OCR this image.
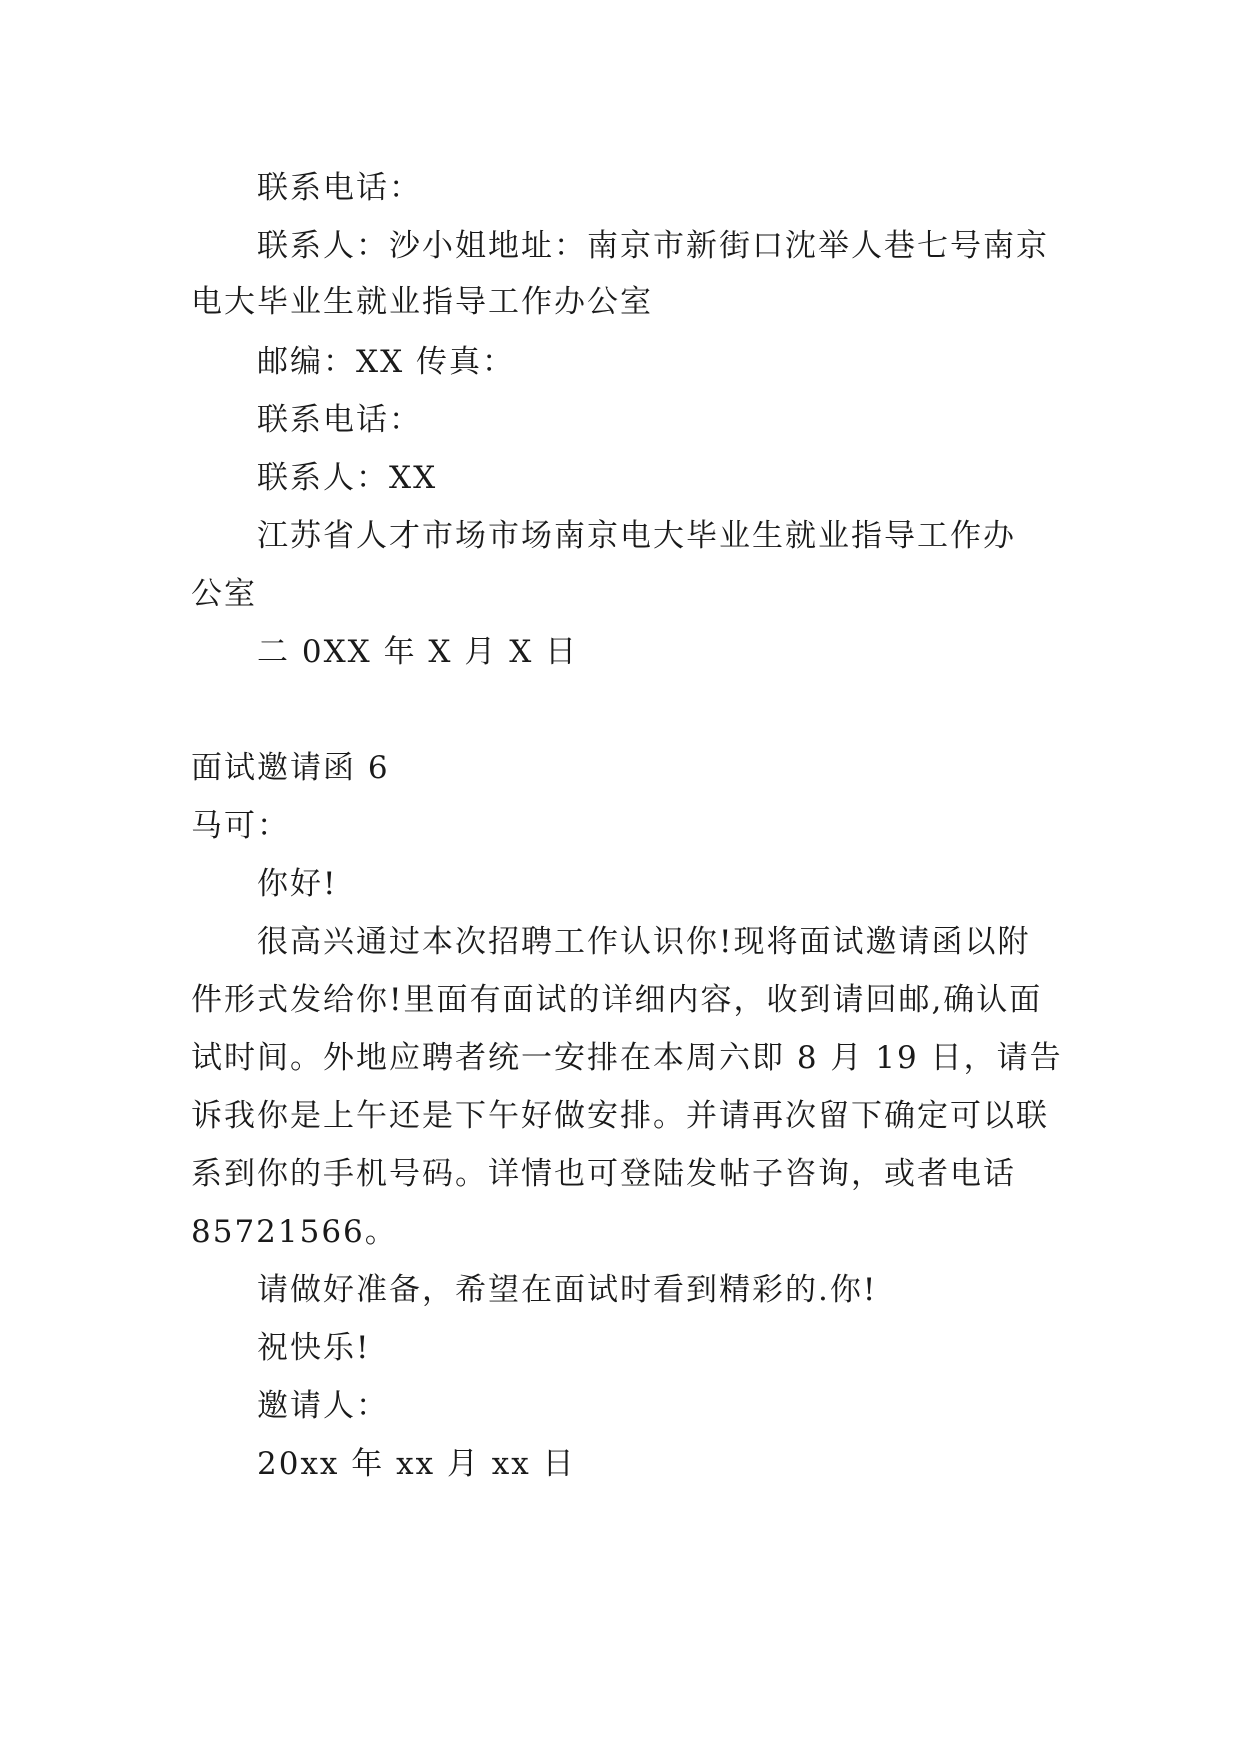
联系电话：
联系人：沙小姐地址：南京市新街口沈举人巷七号南京
电大毕业生就业指导工作办公室
邮编：XX 传真：
联系电话：
联系人：XX
江苏省人才市场市场南京电大毕业生就业指导工作办
公室
二 0XX 年 X 月 X 日
面试邀请函 6
马可：
你好!
很高兴通过本次招聘工作认识你!现将面试邀请函以附
件形式发给你!里面有面试的详细内容，收到请回邮,确认面
试时间。外地应聘者统一安排在本周六即 8 月 19 日，请告
诉我你是上午还是下午好做安排。并请再次留下确定可以联
系到你的手机号码。详情也可登陆发帖子咨询，或者电话
85721566。
请做好准备，希望在面试时看到精彩的.你!
祝快乐!
邀请人：
20xx 年 xx 月 xx 日
